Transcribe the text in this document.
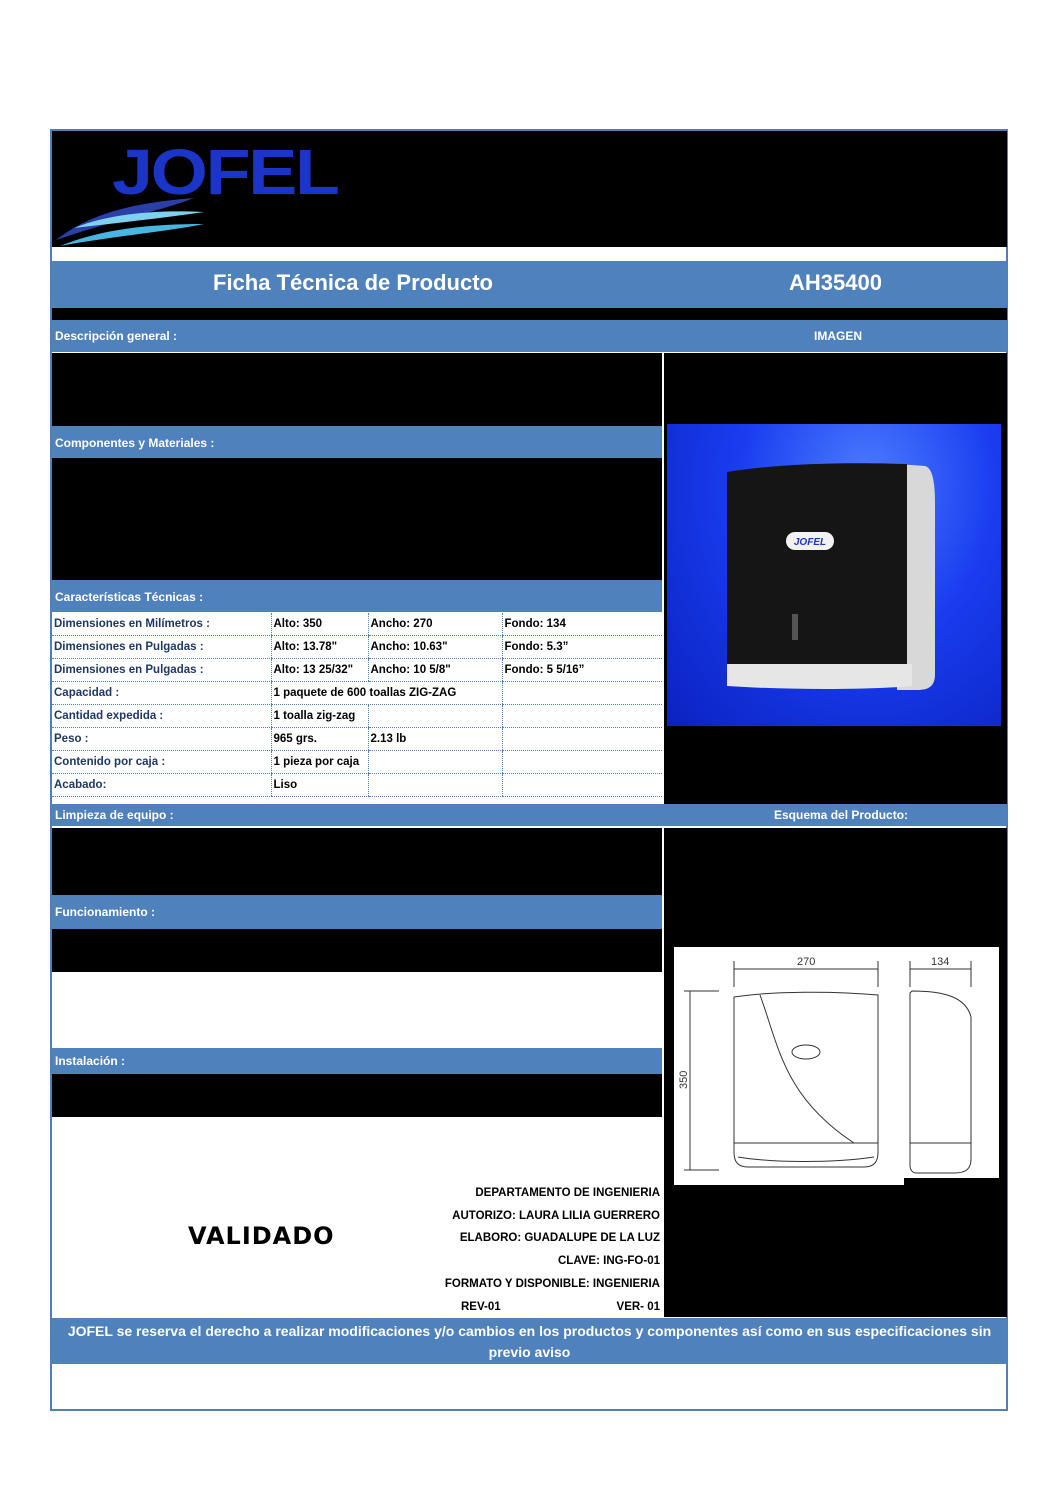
JOFEL
Ficha Técnica de Producto	AH35400
Descripción general :	IMAGEN
Componentes y Materiales :
Características Técnicas :
JOFEL
Dimensiones en Milímetros :	Alto: 350	Ancho: 270	Fondo: 134
Dimensiones en Pulgadas :	Alto: 13.78"	Ancho: 10.63"	Fondo: 5.3”
Dimensiones en Pulgadas :	Alto: 13 25/32"	Ancho: 10 5/8"	Fondo: 5 5/16”
Capacidad :	1 paquete de 600 toallas ZIG-ZAG		
Cantidad expedida :	1 toalla zig-zag		
Peso :	965 grs.	2.13 lb	
Contenido por caja :	1 pieza por caja		
Acabado:	Liso		
Limpieza de equipo :	Esquema del Producto:
Funcionamiento :
Instalación :
270	134
350
VALIDADO
DEPARTAMENTO DE INGENIERIA
AUTORIZO: LAURA LILIA GUERRERO
ELABORO: GUADALUPE DE LA LUZ
CLAVE: ING-FO-01
FORMATO Y DISPONIBLE: INGENIERIA
REV-01	VER- 01
JOFEL se reserva el derecho a realizar modificaciones y/o cambios en los productos y componentes así como en sus especificaciones sin previo aviso
